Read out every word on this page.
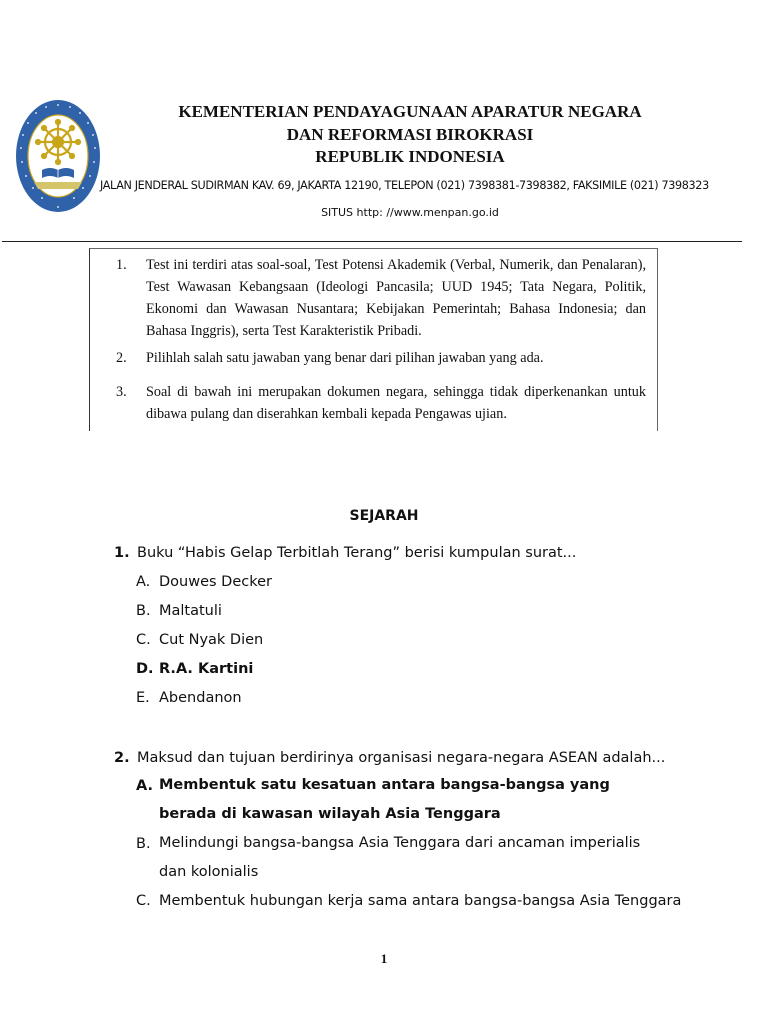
KEMENTERIAN PENDAYAGUNAAN APARATUR NEGARA
DAN REFORMASI BIROKRASI
REPUBLIK INDONESIA
JALAN JENDERAL SUDIRMAN KAV. 69, JAKARTA 12190, TELEPON (021) 7398381-7398382, FAKSIMILE (021) 7398323
SITUS http: //www.menpan.go.id
1.	Test ini terdiri atas soal-soal, Test Potensi Akademik (Verbal, Numerik, dan Penalaran), Test Wawasan Kebangsaan (Ideologi Pancasila; UUD 1945; Tata Negara, Politik, Ekonomi dan Wawasan Nusantara; Kebijakan Pemerintah; Bahasa Indonesia; dan Bahasa Inggris), serta Test Karakteristik Pribadi.
2.	Pilihlah salah satu jawaban yang benar dari pilihan jawaban yang ada.
3.	Soal di bawah ini merupakan dokumen negara, sehingga tidak diperkenankan untuk dibawa pulang dan diserahkan kembali kepada Pengawas ujian.
SEJARAH
1. Buku “Habis Gelap Terbitlah Terang” berisi kumpulan surat...
A. Douwes Decker
B. Maltatuli
C. Cut Nyak Dien
D. R.A. Kartini
E. Abendanon
2. Maksud dan tujuan berdirinya organisasi negara-negara ASEAN adalah...
A. Membentuk satu kesatuan antara bangsa-bangsa yang berada di kawasan wilayah Asia Tenggara
B. Melindungi bangsa-bangsa Asia Tenggara dari ancaman imperialis dan kolonialis
C. Membentuk hubungan kerja sama antara bangsa-bangsa Asia Tenggara
1
